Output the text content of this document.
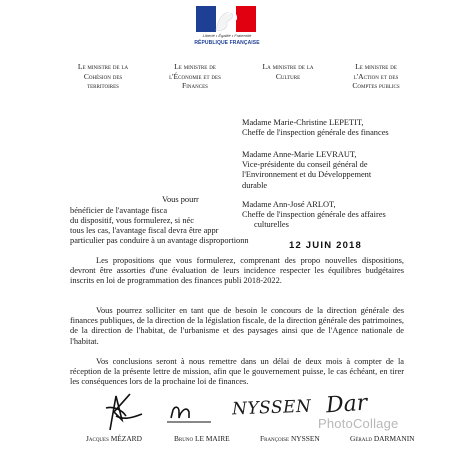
Liberté • Égalité • Fraternité
RÉPUBLIQUE FRANÇAISE
Le ministre de la
Cohésion des
territoires
Le ministre de
l'Économie et des
Finances
La ministre de la
Culture
Le ministre de
l'Action et des
Comptes publics
Madame Marie-Christine LEPETIT,
Cheffe de l'inspection générale des finances
Madame Anne-Marie LEVRAUT,
Vice-présidente du conseil général de
l'Environnement et du Développement
durable
Madame Ann-José ARLOT,
Cheffe de l'inspection générale des affaires
culturelles
Vous pourr
bénéficier de l'avantage fisca
du dispositif, vous formulerez, si néc
tous les cas, l'avantage fiscal devra être appr
particulier pas conduire à un avantage disproportionn	12 JUIN 2018
Les propositions que vous formulerez, comprenant des propo nouvelles dispositions, devront être assorties d'une évaluation de leurs incidence respecter les équilibres budgétaires inscrits en loi de programmation des finances publi 2018-2022.
Vous pourrez solliciter en tant que de besoin le concours de la direction générale des finances publiques, de la direction de la législation fiscale, de la direction générale des patrimoines, de la direction de l'habitat, de l'urbanisme et des paysages ainsi que de l'Agence nationale de l'habitat.
Vos conclusions seront à nous remettre dans un délai de deux mois à compter de la réception de la présente lettre de mission, afin que le gouvernement puisse, le cas échéant, en tirer les conséquences lors de la prochaine loi de finances.
NYSSEN Dar
PhotoCollage
Jacques MÉZARD	Bruno LE MAIRE	Françoise NYSSEN	Gérald DARMANIN
